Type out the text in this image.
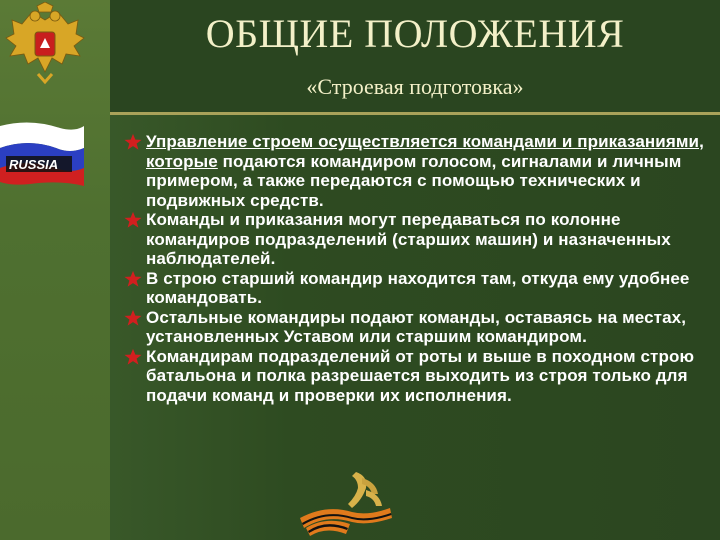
RUSSIA
ОБЩИЕ ПОЛОЖЕНИЯ
«Строевая подготовка»
Управление строем осуществляется командами и приказаниями, которые подаются командиром голосом, сигналами и личным примером, а также передаются с помощью технических и подвижных средств.
Команды и приказания могут передаваться по колонне командиров подразделений (старших машин) и назначенных наблюдателей.
В строю старший командир находится там, откуда ему удобнее командовать.
Остальные командиры подают команды, оставаясь на местах, установленных Уставом или старшим командиром.
Командирам подразделений от роты и выше в походном строю батальона и полка разрешается выходить из строя только для подачи команд и проверки их исполнения.
